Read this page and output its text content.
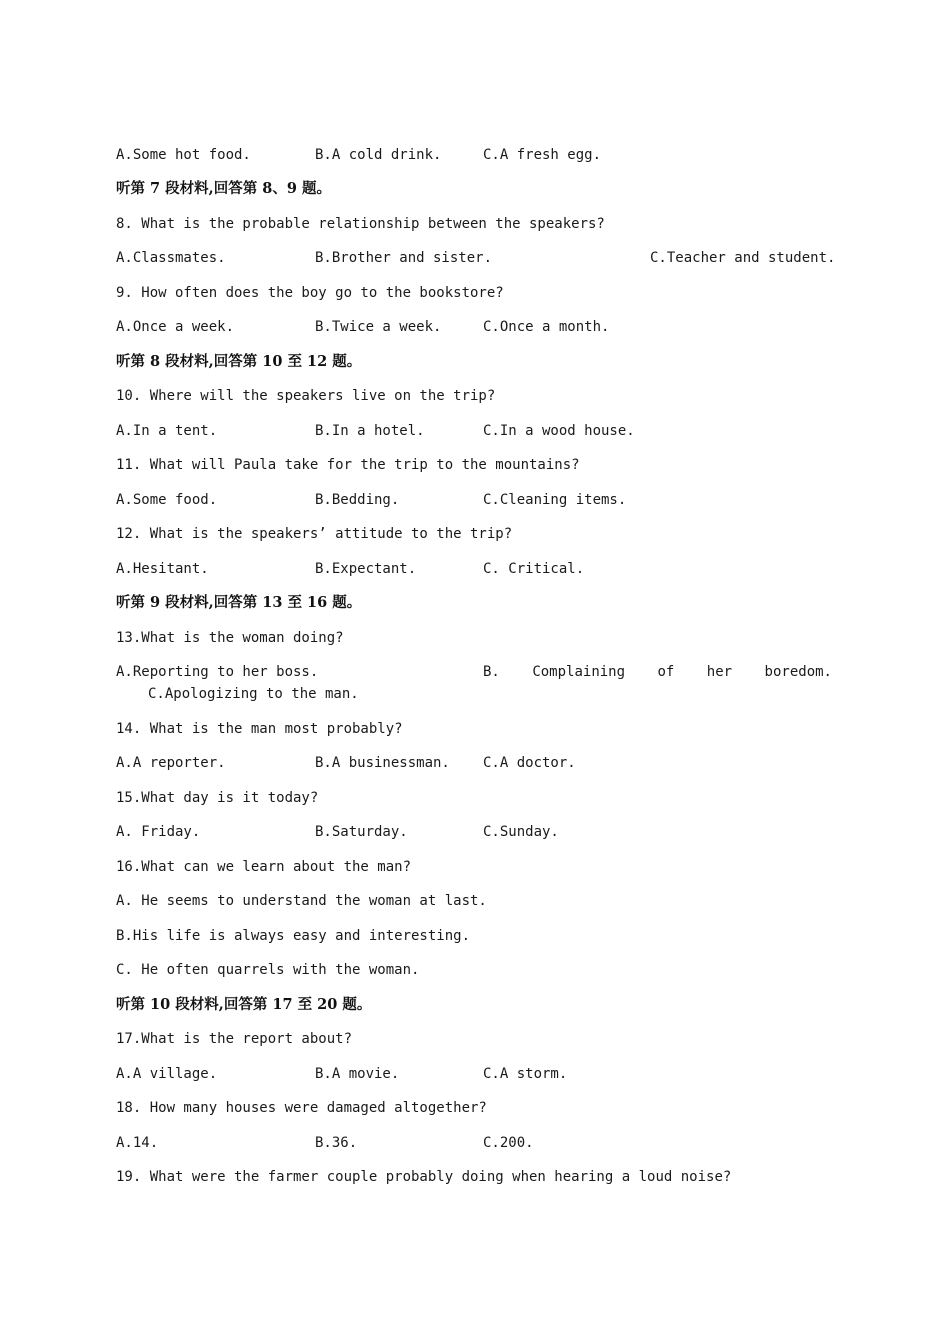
A.Some hot food.	B.A cold drink.	C.A fresh egg.
听第 7 段材料,回答第 8、9 题。
8. What is the probable relationship between the speakers?
A.Classmates.	B.Brother and sister.	C.Teacher and student.
9. How often does the boy go to the bookstore?
A.Once a week.	B.Twice a week.	C.Once a month.
听第 8 段材料,回答第 10 至 12 题。
10. Where will the speakers live on the trip?
A.In a tent.	B.In a hotel.	C.In a wood house.
11. What will Paula take for the trip to the mountains?
A.Some food.	B.Bedding.	C.Cleaning items.
12. What is the speakers’ attitude to the trip?
A.Hesitant.	B.Expectant.	C. Critical.
听第 9 段材料,回答第 13 至 16 题。
13.What is the woman doing?
A.Reporting to her boss.	B. Complaining of her boredom.
C.Apologizing to the man.
14. What is the man most probably?
A.A reporter.	B.A businessman. C.A doctor.
15.What day is it today?
A. Friday.	B.Saturday.	C.Sunday.
16.What can we learn about the man?
A. He seems to understand the woman at last.
B.His life is always easy and interesting.
C. He often quarrels with the woman.
听第 10 段材料,回答第 17 至 20 题。
17.What is the report about?
A.A village.	B.A movie.	C.A storm.
18. How many houses were damaged altogether?
A.14.	B.36.	C.200.
19. What were the farmer couple probably doing when hearing a loud noise?
